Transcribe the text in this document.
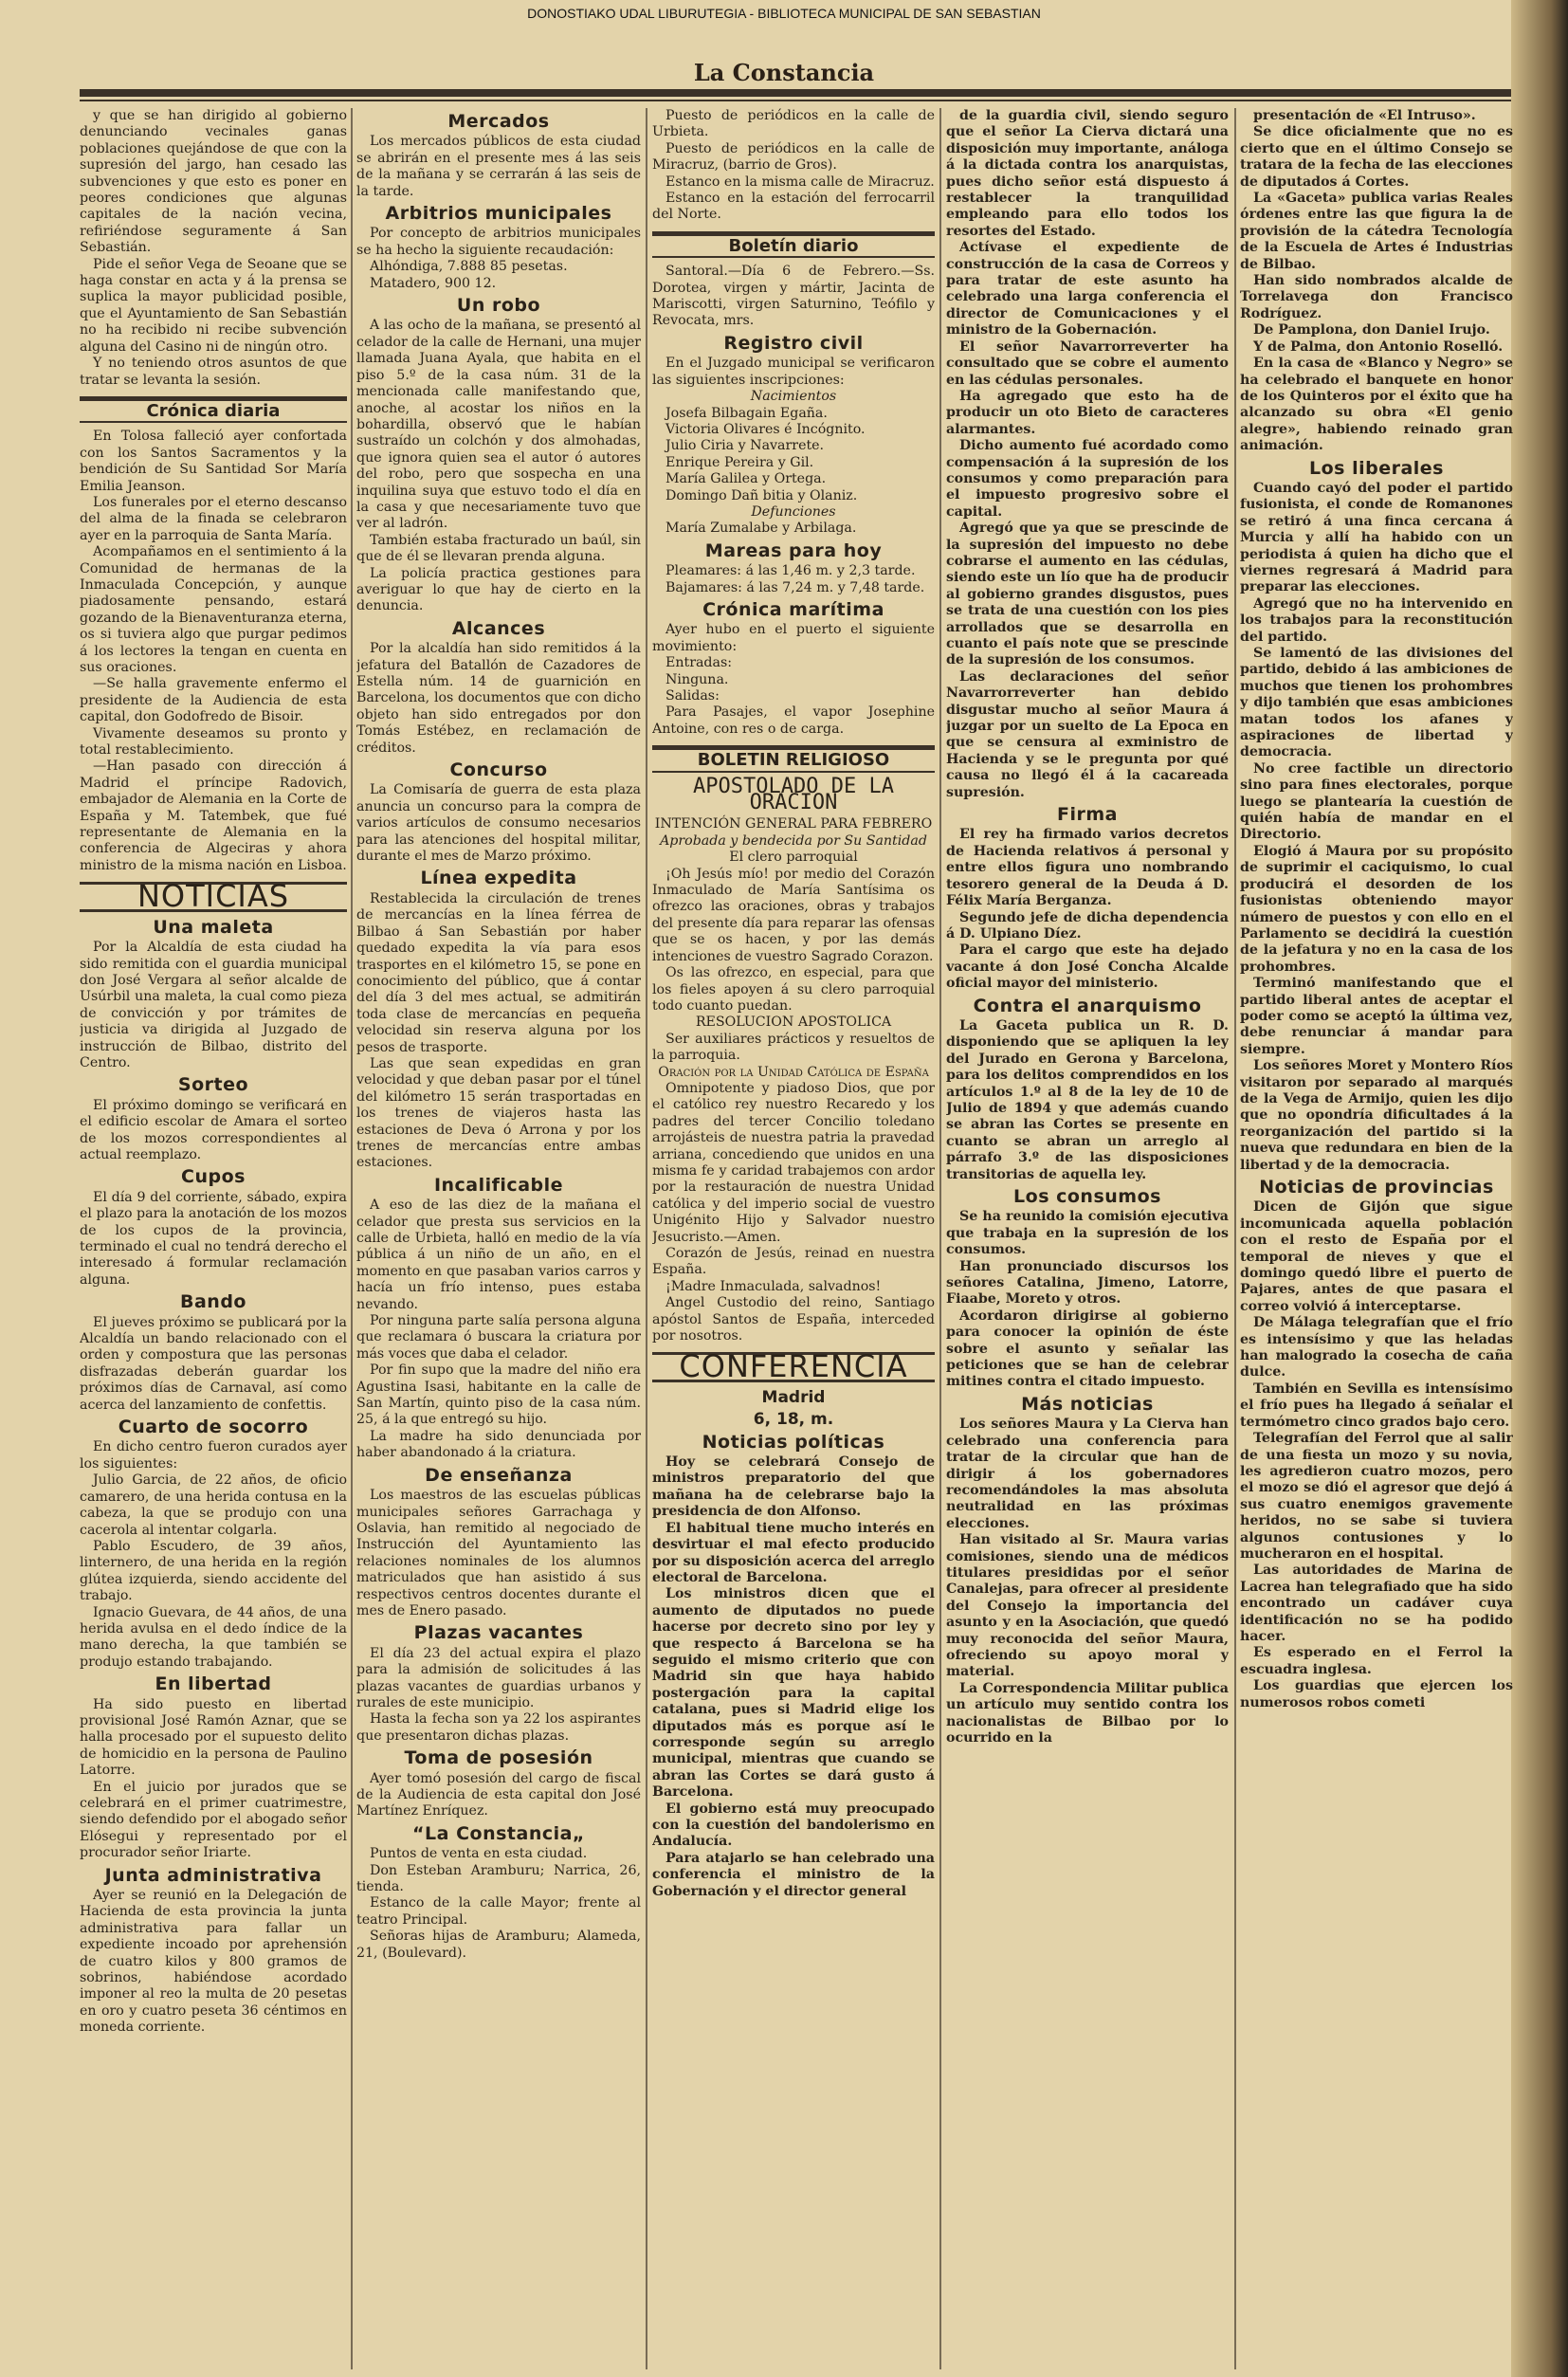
DONOSTIAKO UDAL LIBURUTEGIA - BIBLIOTECA MUNICIPAL DE SAN SEBASTIAN
La Constancia

y que se han dirigido al gobierno denunciando vecinales ganas poblaciones quejándose de que con la supresión del jargo, han cesado las subvenciones y que esto es poner en peores condiciones que algunas capitales de la nación vecina, refiriéndose seguramente á San Sebastián.

Pide el señor Vega de Seoane que se haga constar en acta y á la prensa se suplica la mayor publicidad posible, que el Ayuntamiento de San Sebastián no ha recibido ni recibe subvención alguna del Casino ni de ningún otro.

Y no teniendo otros asuntos de que tratar se levanta la sesión.

Crónica diaria

En Tolosa falleció ayer confortada con los Santos Sacramentos y la bendición de Su Santidad Sor María Emilia Jeanson.

Los funerales por el eterno descanso del alma de la finada se celebraron ayer en la parroquia de Santa María.

Acompañamos en el sentimiento á la Comunidad de hermanas de la Inmaculada Concepción, y aunque piadosamente pensando, estará gozando de la Bienaventuranza eterna, os si tuviera algo que purgar pedimos á los lectores la tengan en cuenta en sus oraciones.

—Se halla gravemente enfermo el presidente de la Audiencia de esta capital, don Godofredo de Bisoir.

Vivamente deseamos su pronto y total restablecimiento.

—Han pasado con dirección á Madrid el príncipe Radovich, embajador de Alemania en la Corte de España y M. Tatembek, que fué representante de Alemania en la conferencia de Algeciras y ahora ministro de la misma nación en Lisboa.

NOTICIAS
Una maleta

Por la Alcaldía de esta ciudad ha sido remitida con el guardia municipal don José Vergara al señor alcalde de Usúrbil una maleta, la cual como pieza de convicción y por trámites de justicia va dirigida al Juzgado de instrucción de Bilbao, distrito del Centro.

Sorteo

El próximo domingo se verificará en el edificio escolar de Amara el sorteo de los mozos correspondientes al actual reemplazo.

Cupos

El día 9 del corriente, sábado, expira el plazo para la anotación de los mozos de los cupos de la provincia, terminado el cual no tendrá derecho el interesado á formular reclamación alguna.

Bando

El jueves próximo se publicará por la Alcaldía un bando relacionado con el orden y compostura que las personas disfrazadas deberán guardar los próximos días de Carnaval, así como acerca del lanzamiento de confettis.

Cuarto de socorro

En dicho centro fueron curados ayer los siguientes:

Julio Garcia, de 22 años, de oficio camarero, de una herida contusa en la cabeza, la que se produjo con una cacerola al intentar colgarla.

Pablo Escudero, de 39 años, linternero, de una herida en la región glútea izquierda, siendo accidente del trabajo.

Ignacio Guevara, de 44 años, de una herida avulsa en el dedo índice de la mano derecha, la que también se produjo estando trabajando.

En libertad

Ha sido puesto en libertad provisional José Ramón Aznar, que se halla procesado por el supuesto delito de homicidio en la persona de Paulino Latorre.

En el juicio por jurados que se celebrará en el primer cuatrimestre, siendo defendido por el abogado señor Elósegui y representado por el procurador señor Iriarte.

Junta administrativa

Ayer se reunió en la Delegación de Hacienda de esta provincia la junta administrativa para fallar un expediente incoado por aprehensión de cuatro kilos y 800 gramos de sobrinos, habiéndose acordado imponer al reo la multa de 20 pesetas en oro y cuatro peseta 36 céntimos en moneda corriente.

Mercados

Los mercados públicos de esta ciudad se abrirán en el presente mes á las seis de la mañana y se cerrarán á las seis de la tarde.

Arbitrios municipales

Por concepto de arbitrios municipales se ha hecho la siguiente recaudación:

Alhóndiga, 7.888 85 pesetas.

Matadero, 900 12.

Un robo

A las ocho de la mañana, se presentó al celador de la calle de Hernani, una mujer llamada Juana Ayala, que habita en el piso 5.º de la casa núm. 31 de la mencionada calle manifestando que, anoche, al acostar los niños en la bohardilla, observó que le habían sustraído un colchón y dos almohadas, que ignora quien sea el autor ó autores del robo, pero que sospecha en una inquilina suya que estuvo todo el día en la casa y que necesariamente tuvo que ver al ladrón.

También estaba fracturado un baúl, sin que de él se llevaran prenda alguna.

La policía practica gestiones para averiguar lo que hay de cierto en la denuncia.

Alcances

Por la alcaldía han sido remitidos á la jefatura del Batallón de Cazadores de Estella núm. 14 de guarnición en Barcelona, los documentos que con dicho objeto han sido entregados por don Tomás Estébez, en reclamación de créditos.

Concurso

La Comisaría de guerra de esta plaza anuncia un concurso para la compra de varios artículos de consumo necesarios para las atenciones del hospital militar, durante el mes de Marzo próximo.

Línea expedita

Restablecida la circulación de trenes de mercancías en la línea férrea de Bilbao á San Sebastián por haber quedado expedita la vía para esos trasportes en el kilómetro 15, se pone en conocimiento del público, que á contar del día 3 del mes actual, se admitirán toda clase de mercancías en pequeña velocidad sin reserva alguna por los pesos de trasporte.

Las que sean expedidas en gran velocidad y que deban pasar por el túnel del kilómetro 15 serán trasportadas en los trenes de viajeros hasta las estaciones de Deva ó Arrona y por los trenes de mercancías entre ambas estaciones.

Incalificable

A eso de las diez de la mañana el celador que presta sus servicios en la calle de Urbieta, halló en medio de la vía pública á un niño de un año, en el momento en que pasaban varios carros y hacía un frío intenso, pues estaba nevando.

Por ninguna parte salía persona alguna que reclamara ó buscara la criatura por más voces que daba el celador.

Por fin supo que la madre del niño era Agustina Isasi, habitante en la calle de San Martín, quinto piso de la casa núm. 25, á la que entregó su hijo.

La madre ha sido denunciada por haber abandonado á la criatura.

De enseñanza

Los maestros de las escuelas públicas municipales señores Garrachaga y Oslavia, han remitido al negociado de Instrucción del Ayuntamiento las relaciones nominales de los alumnos matriculados que han asistido á sus respectivos centros docentes durante el mes de Enero pasado.

Plazas vacantes

El día 23 del actual expira el plazo para la admisión de solicitudes á las plazas vacantes de guardias urbanos y rurales de este municipio.

Hasta la fecha son ya 22 los aspirantes que presentaron dichas plazas.

Toma de posesión

Ayer tomó posesión del cargo de fiscal de la Audiencia de esta capital don José Martínez Enríquez.

“La Constancia„

Puntos de venta en esta ciudad.

Don Esteban Aramburu; Narrica, 26, tienda.

Estanco de la calle Mayor; frente al teatro Principal.

Señoras hijas de Aramburu; Alameda, 21, (Boulevard).

Puesto de periódicos en la calle de Urbieta.

Puesto de periódicos en la calle de Miracruz, (barrio de Gros).

Estanco en la misma calle de Miracruz.

Estanco en la estación del ferrocarril del Norte.

Boletín diario

Santoral.—Día 6 de Febrero.—Ss. Dorotea, virgen y mártir, Jacinta de Mariscotti, virgen Saturnino, Teófilo y Revocata, mrs.

Registro civil

En el Juzgado municipal se verificaron las siguientes inscripciones:

Nacimientos

Josefa Bilbagain Egaña.

Victoria Olivares é Incógnito.

Julio Ciria y Navarrete.

Enrique Pereira y Gil.

María Galilea y Ortega.

Domingo Dañ bitia y Olaniz.

Defunciones

María Zumalabe y Arbilaga.

Mareas para hoy

Pleamares: á las 1,46 m. y 2,3 tarde.

Bajamares: á las 7,24 m. y 7,48 tarde.

Crónica marítima

Ayer hubo en el puerto el siguiente movimiento:

Entradas:

Ninguna.

Salidas:

Para Pasajes, el vapor Josephine Antoine, con res o de carga.

BOLETIN RELIGIOSO
APOSTOLADO DE LA ORACION

INTENCIÓN GENERAL PARA FEBRERO

Aprobada y bendecida por Su Santidad

El clero parroquial

¡Oh Jesús mío! por medio del Corazón Inmaculado de María Santísima os ofrezco las oraciones, obras y trabajos del presente día para reparar las ofensas que se os hacen, y por las demás intenciones de vuestro Sagrado Corazon.

Os las ofrezco, en especial, para que los fieles apoyen á su clero parroquial todo cuanto puedan.

RESOLUCION APOSTOLICA

Ser auxiliares prácticos y resueltos de la parroquia.

Oración por la Unidad Católica de España

Omnipotente y piadoso Dios, que por el católico rey nuestro Recaredo y los padres del tercer Concilio toledano arrojásteis de nuestra patria la pravedad arriana, concediendo que unidos en una misma fe y caridad trabajemos con ardor por la restauración de nuestra Unidad católica y del imperio social de vuestro Unigénito Hijo y Salvador nuestro Jesucristo.—Amen.

Corazón de Jesús, reinad en nuestra España.

¡Madre Inmaculada, salvadnos!

Angel Custodio del reino, Santiago apóstol Santos de España, interceded por nosotros.

CONFERENCIA
Madrid
6, 18, m.
Noticias políticas

Hoy se celebrará Consejo de ministros preparatorio del que mañana ha de celebrarse bajo la presidencia de don Alfonso.

El habitual tiene mucho interés en desvirtuar el mal efecto producido por su disposición acerca del arreglo electoral de Barcelona.

Los ministros dicen que el aumento de diputados no puede hacerse por decreto sino por ley y que respecto á Barcelona se ha seguido el mismo criterio que con Madrid sin que haya habido postergación para la capital catalana, pues si Madrid elige los diputados más es porque así le corresponde según su arreglo municipal, mientras que cuando se abran las Cortes se dará gusto á Barcelona.

El gobierno está muy preocupado con la cuestión del bandolerismo en Andalucía.

Para atajarlo se han celebrado una conferencia el ministro de la Gobernación y el director general

de la guardia civil, siendo seguro que el señor La Cierva dictará una disposición muy importante, análoga á la dictada contra los anarquistas, pues dicho señor está dispuesto á restablecer la tranquilidad empleando para ello todos los resortes del Estado.

Actívase el expediente de construcción de la casa de Correos y para tratar de este asunto ha celebrado una larga conferencia el director de Comunicaciones y el ministro de la Gobernación.

El señor Navarrorreverter ha consultado que se cobre el aumento en las cédulas personales.

Ha agregado que esto ha de producir un oto Bieto de caracteres alarmantes.

Dicho aumento fué acordado como compensación á la supresión de los consumos y como preparación para el impuesto progresivo sobre el capital.

Agregó que ya que se prescinde de la supresión del impuesto no debe cobrarse el aumento en las cédulas, siendo este un lío que ha de producir al gobierno grandes disgustos, pues se trata de una cuestión con los pies arrollados que se desarrolla en cuanto el país note que se prescinde de la supresión de los consumos.

Las declaraciones del señor Navarrorreverter han debido disgustar mucho al señor Maura á juzgar por un suelto de La Epoca en que se censura al exministro de Hacienda y se le pregunta por qué causa no llegó él á la cacareada supresión.

Firma

El rey ha firmado varios decretos de Hacienda relativos á personal y entre ellos figura uno nombrando tesorero general de la Deuda á D. Félix María Berganza.

Segundo jefe de dicha dependencia á D. Ulpiano Díez.

Para el cargo que este ha dejado vacante á don José Concha Alcalde oficial mayor del ministerio.

Contra el anarquismo

La Gaceta publica un R. D. disponiendo que se apliquen la ley del Jurado en Gerona y Barcelona, para los delitos comprendidos en los artículos 1.º al 8 de la ley de 10 de Julio de 1894 y que además cuando se abran las Cortes se presente en cuanto se abran un arreglo al párrafo 3.º de las disposiciones transitorias de aquella ley.

Los consumos

Se ha reunido la comisión ejecutiva que trabaja en la supresión de los consumos.

Han pronunciado discursos los señores Catalina, Jimeno, Latorre, Fiaabe, Moreto y otros.

Acordaron dirigirse al gobierno para conocer la opinión de éste sobre el asunto y señalar las peticiones que se han de celebrar mitines contra el citado impuesto.

Más noticias

Los señores Maura y La Cierva han celebrado una conferencia para tratar de la circular que han de dirigir á los gobernadores recomendándoles la mas absoluta neutralidad en las próximas elecciones.

Han visitado al Sr. Maura varias comisiones, siendo una de médicos titulares presididas por el señor Canalejas, para ofrecer al presidente del Consejo la importancia del asunto y en la Asociación, que quedó muy reconocida del señor Maura, ofreciendo su apoyo moral y material.

La Correspondencia Militar publica un artículo muy sentido contra los nacionalistas de Bilbao por lo ocurrido en la

presentación de «El Intruso».

Se dice oficialmente que no es cierto que en el último Consejo se tratara de la fecha de las elecciones de diputados á Cortes.

La «Gaceta» publica varias Reales órdenes entre las que figura la de provisión de la cátedra Tecnología de la Escuela de Artes é Industrias de Bilbao.

Han sido nombrados alcalde de Torrelavega don Francisco Rodríguez.

De Pamplona, don Daniel Irujo.

Y de Palma, don Antonio Roselló.

En la casa de «Blanco y Negro» se ha celebrado el banquete en honor de los Quinteros por el éxito que ha alcanzado su obra «El genio alegre», habiendo reinado gran animación.

Los liberales

Cuando cayó del poder el partido fusionista, el conde de Romanones se retiró á una finca cercana á Murcia y allí ha habido con un periodista á quien ha dicho que el viernes regresará á Madrid para preparar las elecciones.

Agregó que no ha intervenido en los trabajos para la reconstitución del partido.

Se lamentó de las divisiones del partido, debido á las ambiciones de muchos que tienen los prohombres y dijo también que esas ambiciones matan todos los afanes y aspiraciones de libertad y democracia.

No cree factible un directorio sino para fines electorales, porque luego se plantearía la cuestión de quién había de mandar en el Directorio.

Elogió á Maura por su propósito de suprimir el caciquismo, lo cual producirá el desorden de los fusionistas obteniendo mayor número de puestos y con ello en el Parlamento se decidirá la cuestión de la jefatura y no en la casa de los prohombres.

Terminó manifestando que el partido liberal antes de aceptar el poder como se aceptó la última vez, debe renunciar á mandar para siempre.

Los señores Moret y Montero Ríos visitaron por separado al marqués de la Vega de Armijo, quien les dijo que no opondría dificultades á la reorganización del partido si la nueva que redundara en bien de la libertad y de la democracia.

Noticias de provincias

Dicen de Gijón que sigue incomunicada aquella población con el resto de España por el temporal de nieves y que el domingo quedó libre el puerto de Pajares, antes de que pasara el correo volvió á interceptarse.

De Málaga telegrafían que el frío es intensísimo y que las heladas han malogrado la cosecha de caña dulce.

También en Sevilla es intensísimo el frío pues ha llegado á señalar el termómetro cinco grados bajo cero.

Telegrafían del Ferrol que al salir de una fiesta un mozo y su novia, les agredieron cuatro mozos, pero el mozo se dió el agresor que dejó á sus cuatro enemigos gravemente heridos, no se sabe si tuviera algunos contusiones y lo mucheraron en el hospital.

Las autoridades de Marina de Lacrea han telegrafiado que ha sido encontrado un cadáver cuya identificación no se ha podido hacer.

Es esperado en el Ferrol la escuadra inglesa.

Los guardias que ejercen los numerosos robos cometi
